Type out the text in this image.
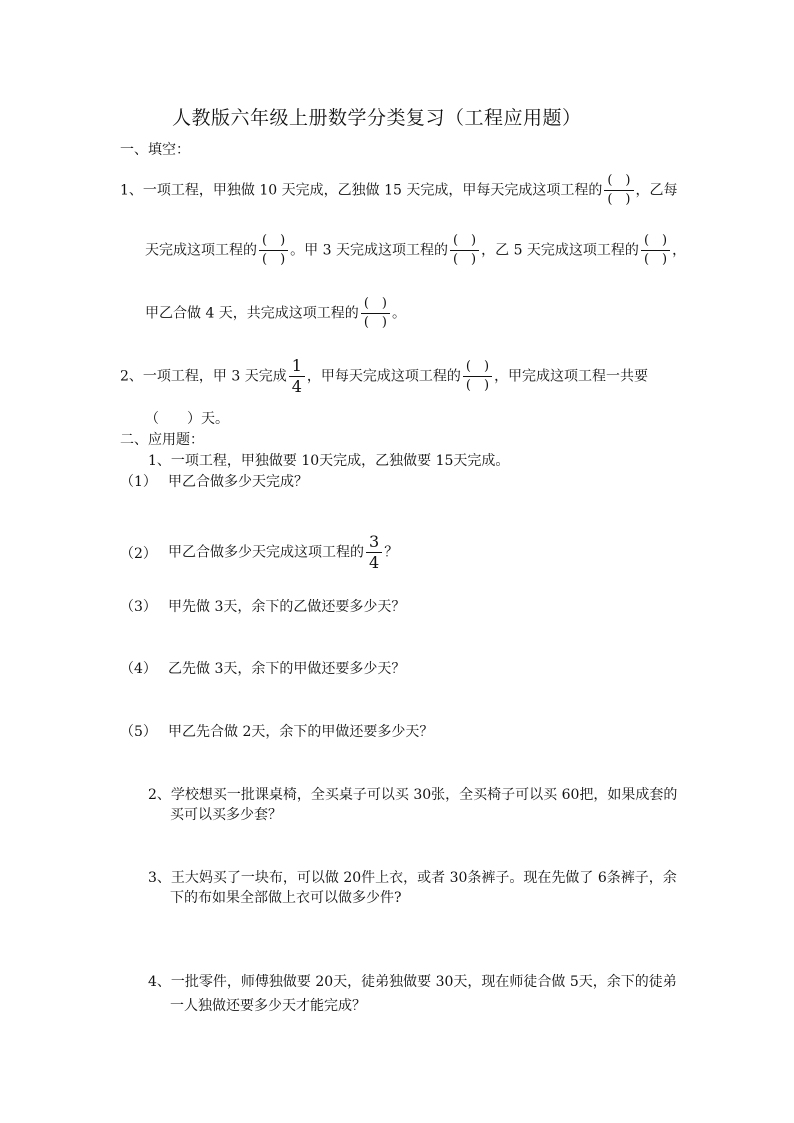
人教版六年级上册数学分类复习（工程应用题）
一、填空：
1、一项工程，甲独做 10 天完成，乙独做 15 天完成，甲每天完成这项工程的 $\frac{( )}{( )}$ ，乙每
天完成这项工程的 $\frac{( )}{( )}$ 。甲 3 天完成这项工程的 $\frac{( )}{( )}$ ，乙 5 天完成这项工程的 $\frac{( )}{( )}$ ，
甲乙合做 4 天，共完成这项工程的 $\frac{( )}{( )}$ 。
2、一项工程，甲 3 天完成 $\frac{1}{4}$ ，甲每天完成这项工程的 $\frac{( )}{( )}$ ，甲完成这项工程一共要
（　　）天。
二、应用题：
1、一项工程，甲独做要 10天完成，乙独做要 15天完成。
（1） 甲乙合做多少天完成？
（2） 甲乙合做多少天完成这项工程的 $\frac{3}{4}$ ？
（3） 甲先做 3天，余下的乙做还要多少天？
（4） 乙先做 3天，余下的甲做还要多少天？
（5） 甲乙先合做 2天，余下的甲做还要多少天？
2、学校想买一批课桌椅，全买桌子可以买 30张，全买椅子可以买 60把，如果成套的
买可以买多少套？
3、王大妈买了一块布，可以做 20件上衣，或者 30条裤子。现在先做了 6条裤子，余
下的布如果全部做上衣可以做多少件?
4、一批零件，师傅独做要 20天，徒弟独做要 30天，现在师徒合做 5天，余下的徒弟
一人独做还要多少天才能完成？
